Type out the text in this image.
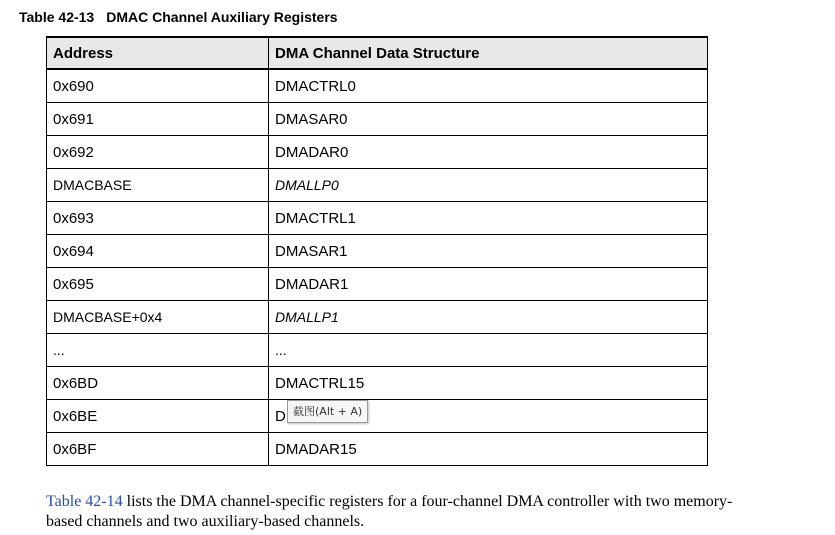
Table 42-13 DMAC Channel Auxiliary Registers
Address	DMA Channel Data Structure
0x690	DMACTRL0
0x691	DMASAR0
0x692	DMADAR0
DMACBASE	DMALLP0
0x693	DMACTRL1
0x694	DMASAR1
0x695	DMADAR1
DMACBASE+0x4	DMALLP1
...	...
0x6BD	DMACTRL15
0x6BE	D
0x6BF	DMADAR15
截图(Alt + A)
Table 42-14 lists the DMA channel-specific registers for a four-channel DMA controller with two memory-
based channels and two auxiliary-based channels.
